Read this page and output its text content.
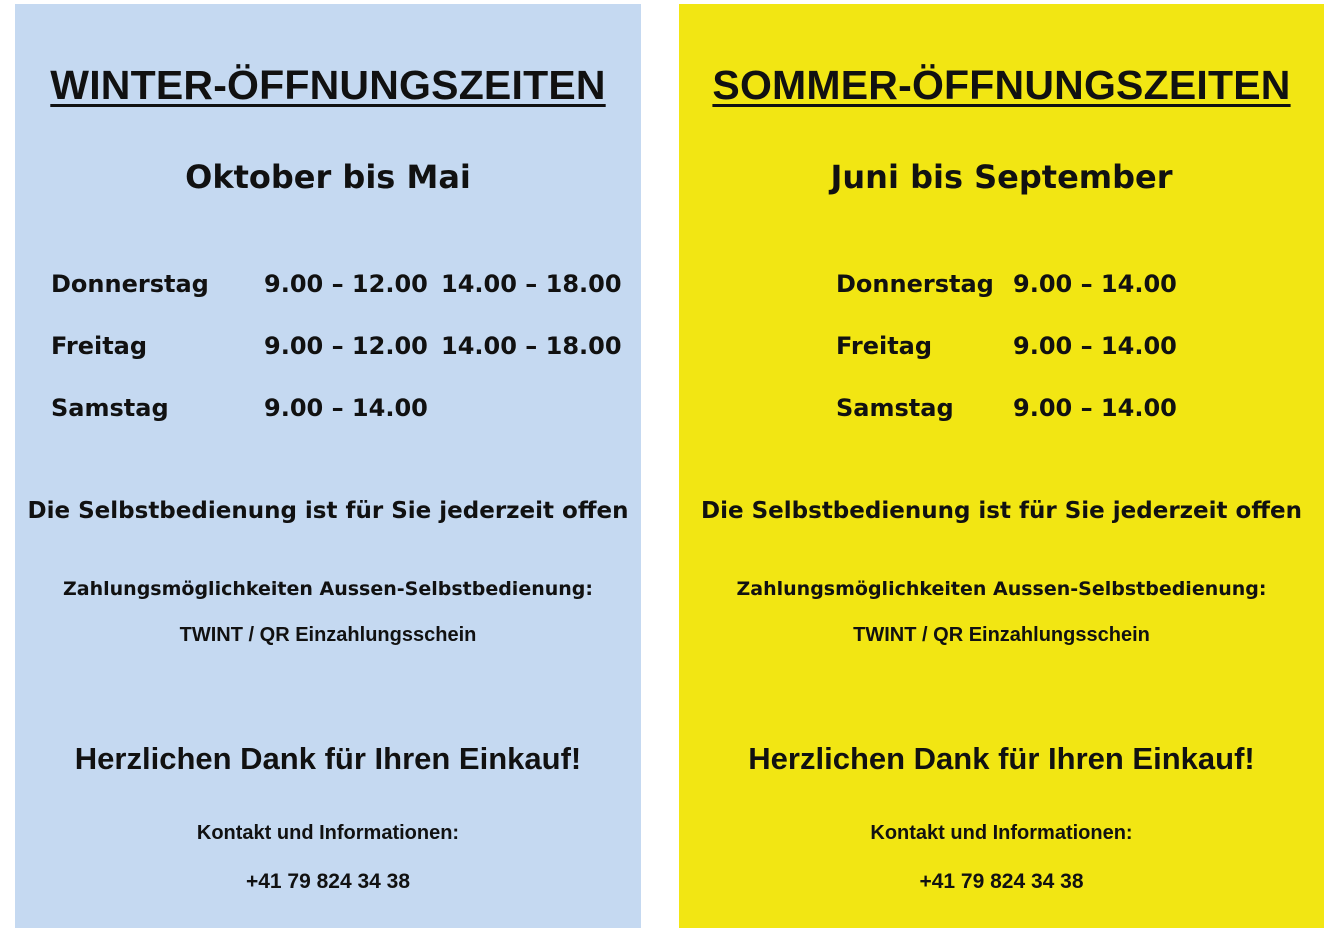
WINTER-ÖFFNUNGSZEITEN
Oktober bis Mai
Donnerstag 9.00 – 12.00 14.00 – 18.00
Freitag	9.00 – 12.00 14.00 – 18.00
Samstag	9.00 – 14.00
Die Selbstbedienung ist für Sie jederzeit offen
Zahlungsmöglichkeiten Aussen-Selbstbedienung:
TWINT / QR Einzahlungsschein
Herzlichen Dank für Ihren Einkauf!
Kontakt und Informationen:
+41 79 824 34 38
SOMMER-ÖFFNUNGSZEITEN
Juni bis September
Donnerstag 9.00 – 14.00
Freitag	9.00 – 14.00
Samstag 9.00 – 14.00
Die Selbstbedienung ist für Sie jederzeit offen
Zahlungsmöglichkeiten Aussen-Selbstbedienung:
TWINT / QR Einzahlungsschein
Herzlichen Dank für Ihren Einkauf!
Kontakt und Informationen:
+41 79 824 34 38
